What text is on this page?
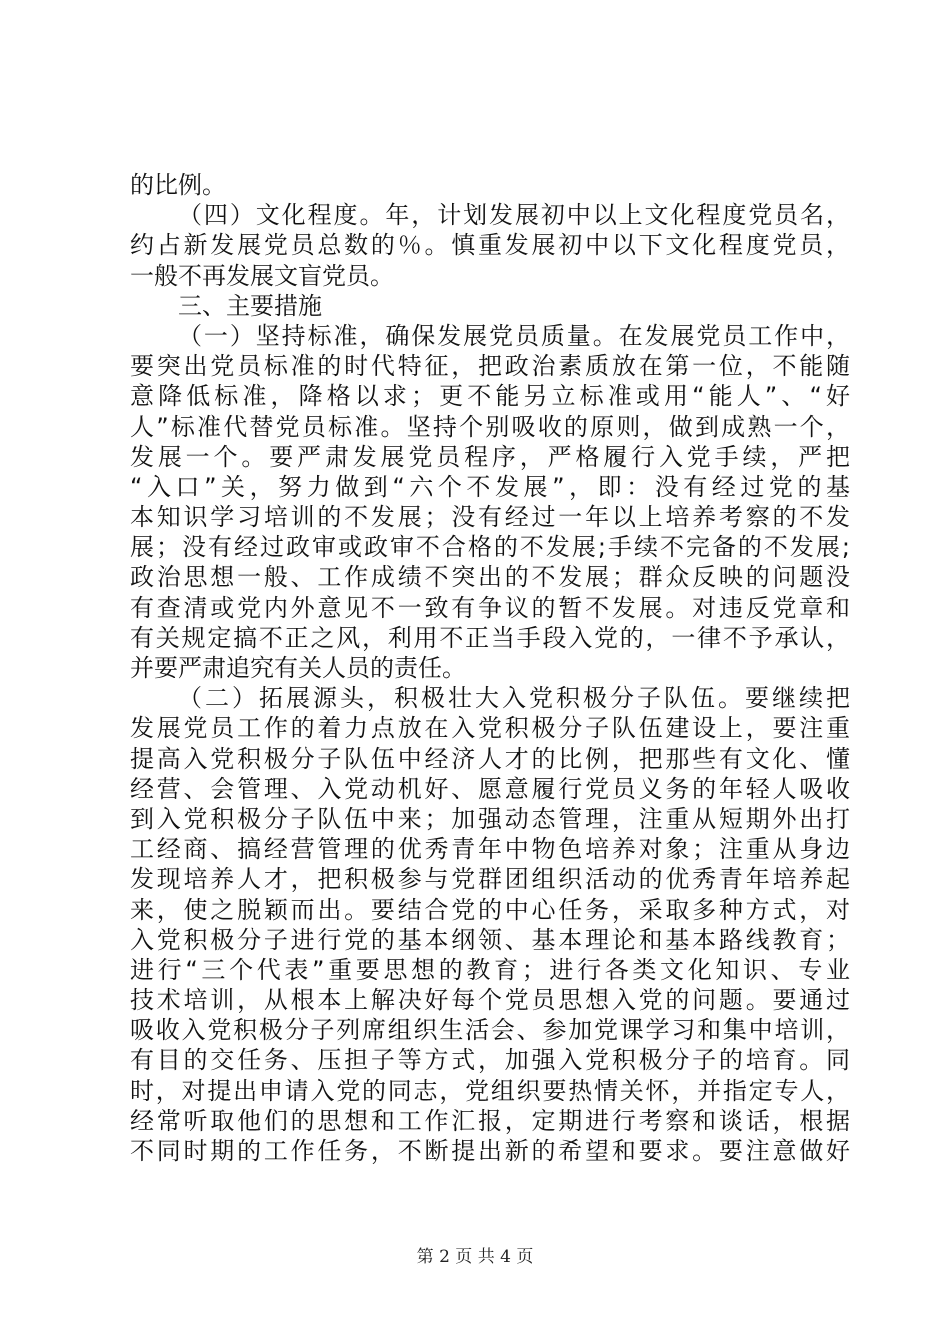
的比例。
（四）文化程度。年，计划发展初中以上文化程度党员名，
约占新发展党员总数的％。慎重发展初中以下文化程度党员，
一般不再发展文盲党员。
三、主要措施
（一）坚持标准，确保发展党员质量。在发展党员工作中，
要突出党员标准的时代特征，把政治素质放在第一位，不能随
意降低标准，降格以求；更不能另立标准或用“能人”、“好
人”标准代替党员标准。坚持个别吸收的原则，做到成熟一个，
发展一个。要严肃发展党员程序，严格履行入党手续，严把
“入口”关，努力做到“六个不发展”，即：没有经过党的基
本知识学习培训的不发展；没有经过一年以上培养考察的不发
展；没有经过政审或政审不合格的不发展;手续不完备的不发展;
政治思想一般、工作成绩不突出的不发展；群众反映的问题没
有查清或党内外意见不一致有争议的暂不发展。对违反党章和
有关规定搞不正之风，利用不正当手段入党的，一律不予承认，
并要严肃追究有关人员的责任。
（二）拓展源头，积极壮大入党积极分子队伍。要继续把
发展党员工作的着力点放在入党积极分子队伍建设上，要注重
提高入党积极分子队伍中经济人才的比例，把那些有文化、懂
经营、会管理、入党动机好、愿意履行党员义务的年轻人吸收
到入党积极分子队伍中来；加强动态管理，注重从短期外出打
工经商、搞经营管理的优秀青年中物色培养对象；注重从身边
发现培养人才，把积极参与党群团组织活动的优秀青年培养起
来，使之脱颖而出。要结合党的中心任务，采取多种方式，对
入党积极分子进行党的基本纲领、基本理论和基本路线教育；
进行“三个代表”重要思想的教育；进行各类文化知识、专业
技术培训，从根本上解决好每个党员思想入党的问题。要通过
吸收入党积极分子列席组织生活会、参加党课学习和集中培训，
有目的交任务、压担子等方式，加强入党积极分子的培育。同
时，对提出申请入党的同志，党组织要热情关怀，并指定专人，
经常听取他们的思想和工作汇报，定期进行考察和谈话，根据
不同时期的工作任务，不断提出新的希望和要求。要注意做好
第 2 页 共 4 页
